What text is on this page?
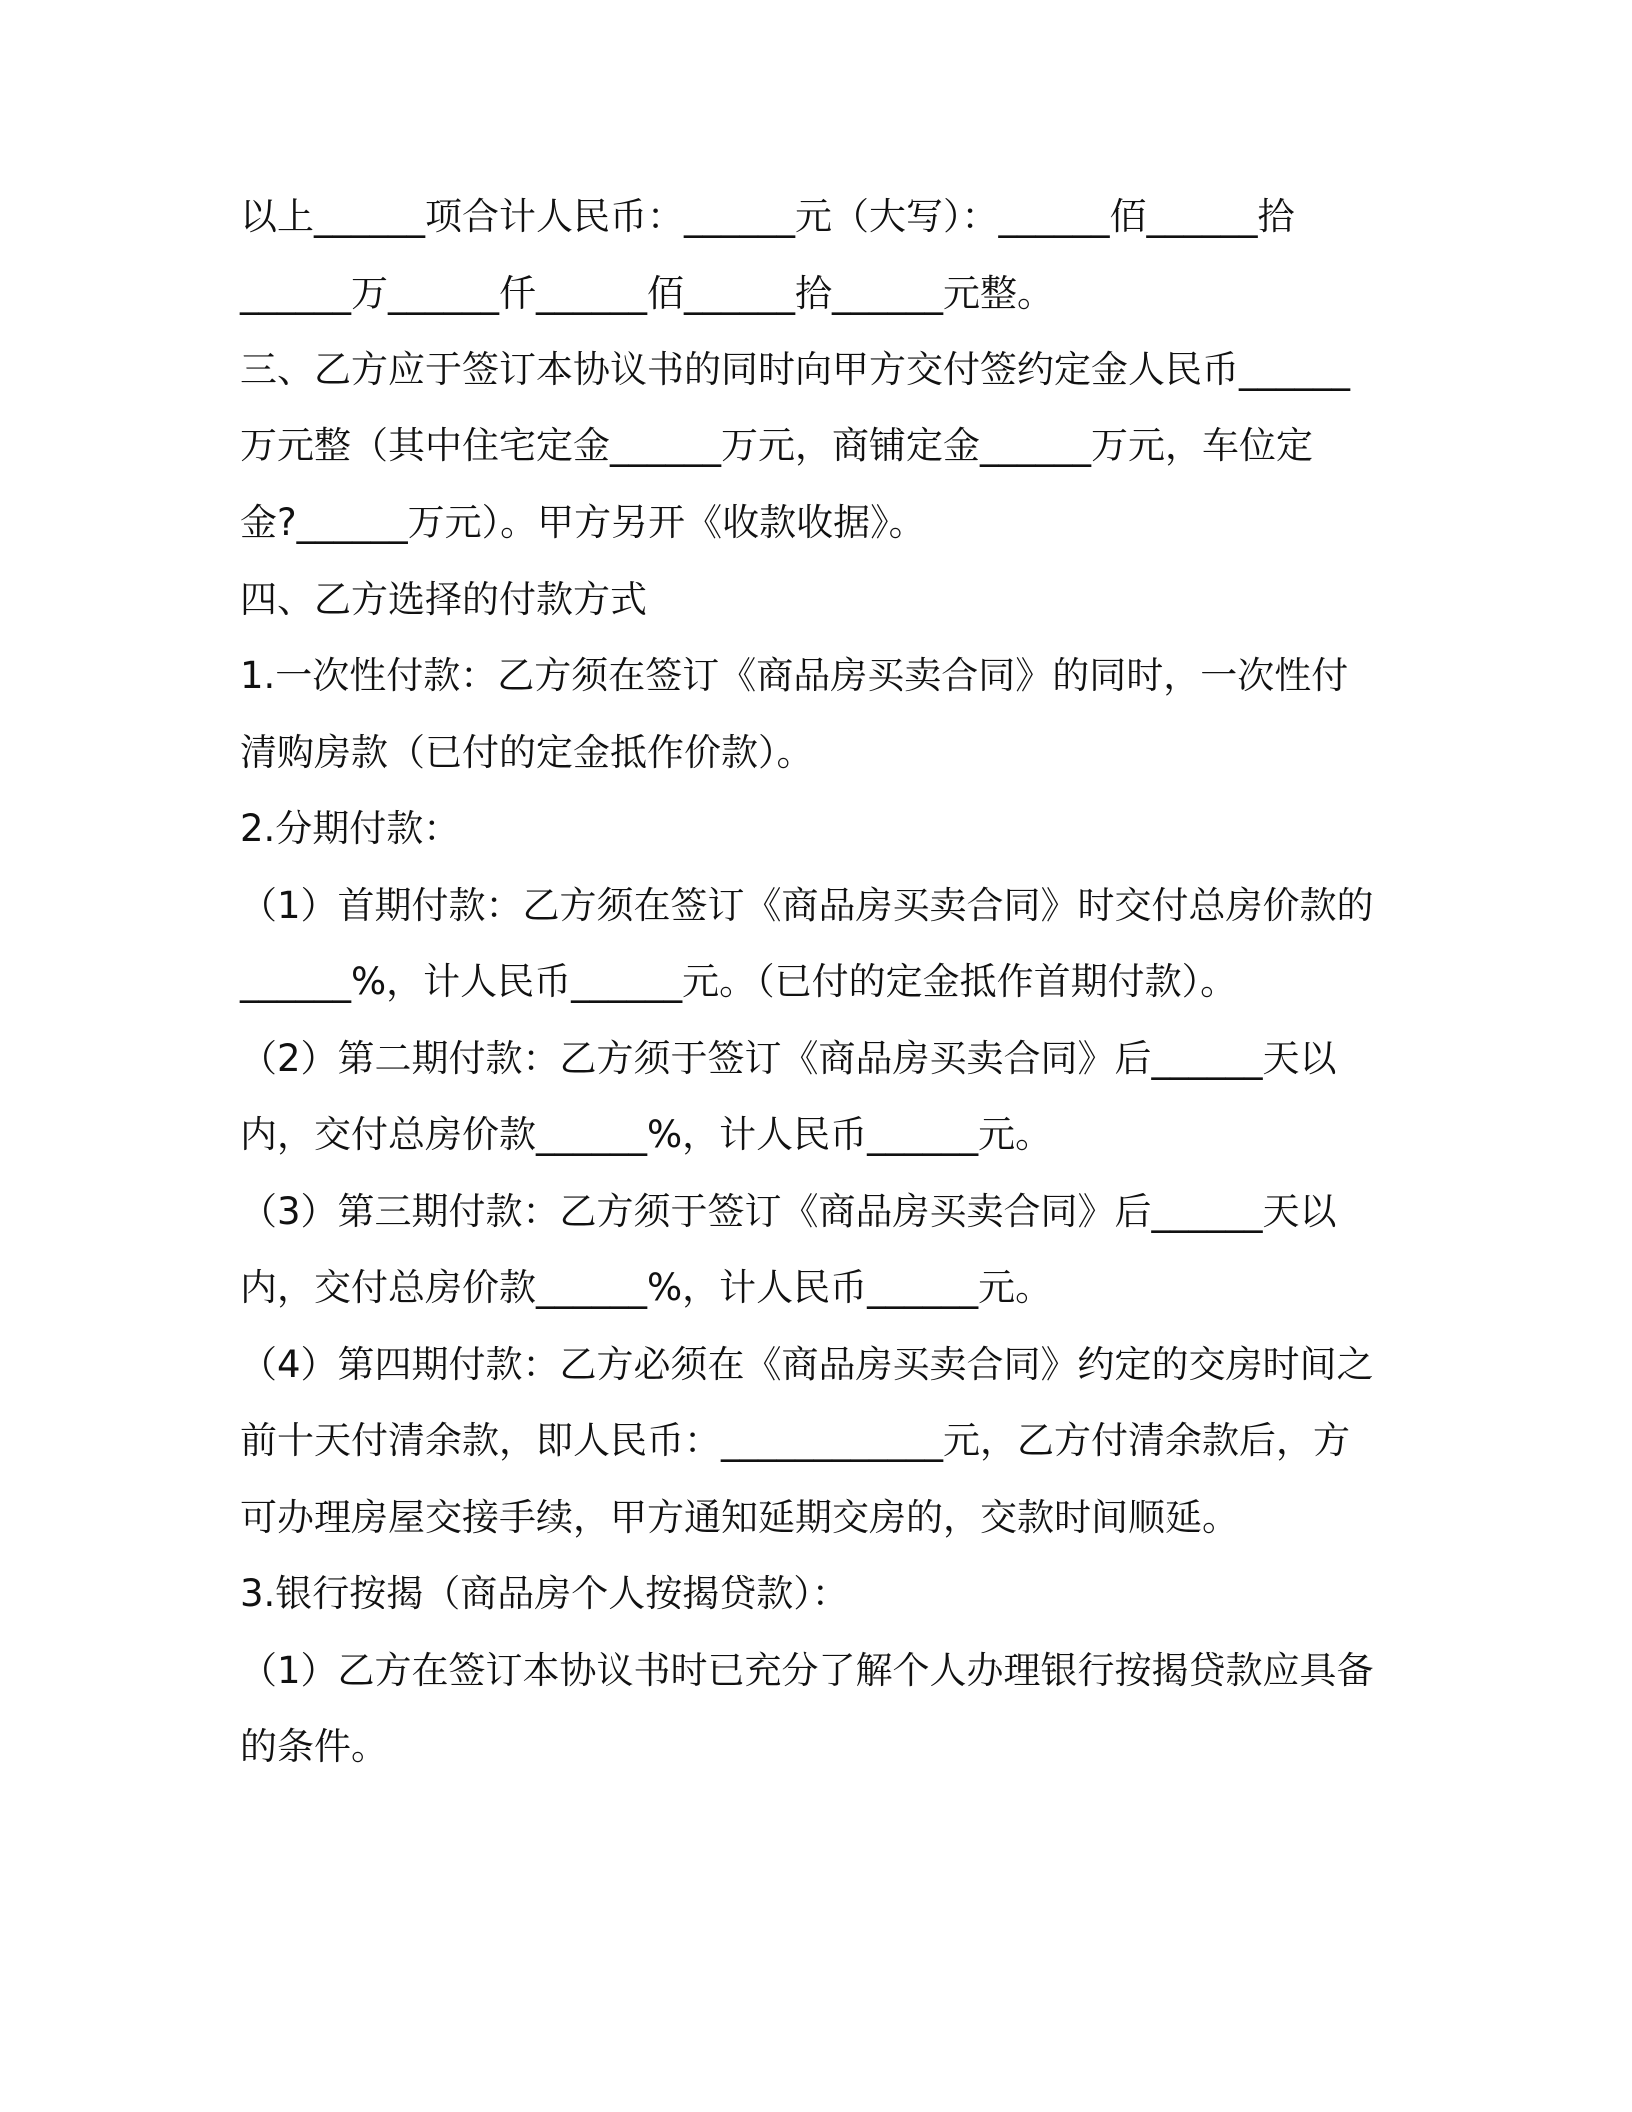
以上______项合计人民币：______元（大写）：______佰______拾
______万______仟______佰______拾______元整。
三、乙方应于签订本协议书的同时向甲方交付签约定金人民币______
万元整（其中住宅定金______万元，商铺定金______万元，车位定
金?______万元）。甲方另开《收款收据》。
四、乙方选择的付款方式
1.一次性付款：乙方须在签订《商品房买卖合同》的同时，一次性付
清购房款（已付的定金抵作价款）。
2.分期付款：
（1）首期付款：乙方须在签订《商品房买卖合同》时交付总房价款的
______%，计人民币______元。（已付的定金抵作首期付款）。
（2）第二期付款：乙方须于签订《商品房买卖合同》后______天以
内，交付总房价款______%，计人民币______元。
（3）第三期付款：乙方须于签订《商品房买卖合同》后______天以
内，交付总房价款______%，计人民币______元。
（4）第四期付款：乙方必须在《商品房买卖合同》约定的交房时间之
前十天付清余款，即人民币：____________元，乙方付清余款后，方
可办理房屋交接手续，甲方通知延期交房的，交款时间顺延。
3.银行按揭（商品房个人按揭贷款）：
（1）乙方在签订本协议书时已充分了解个人办理银行按揭贷款应具备
的条件。
